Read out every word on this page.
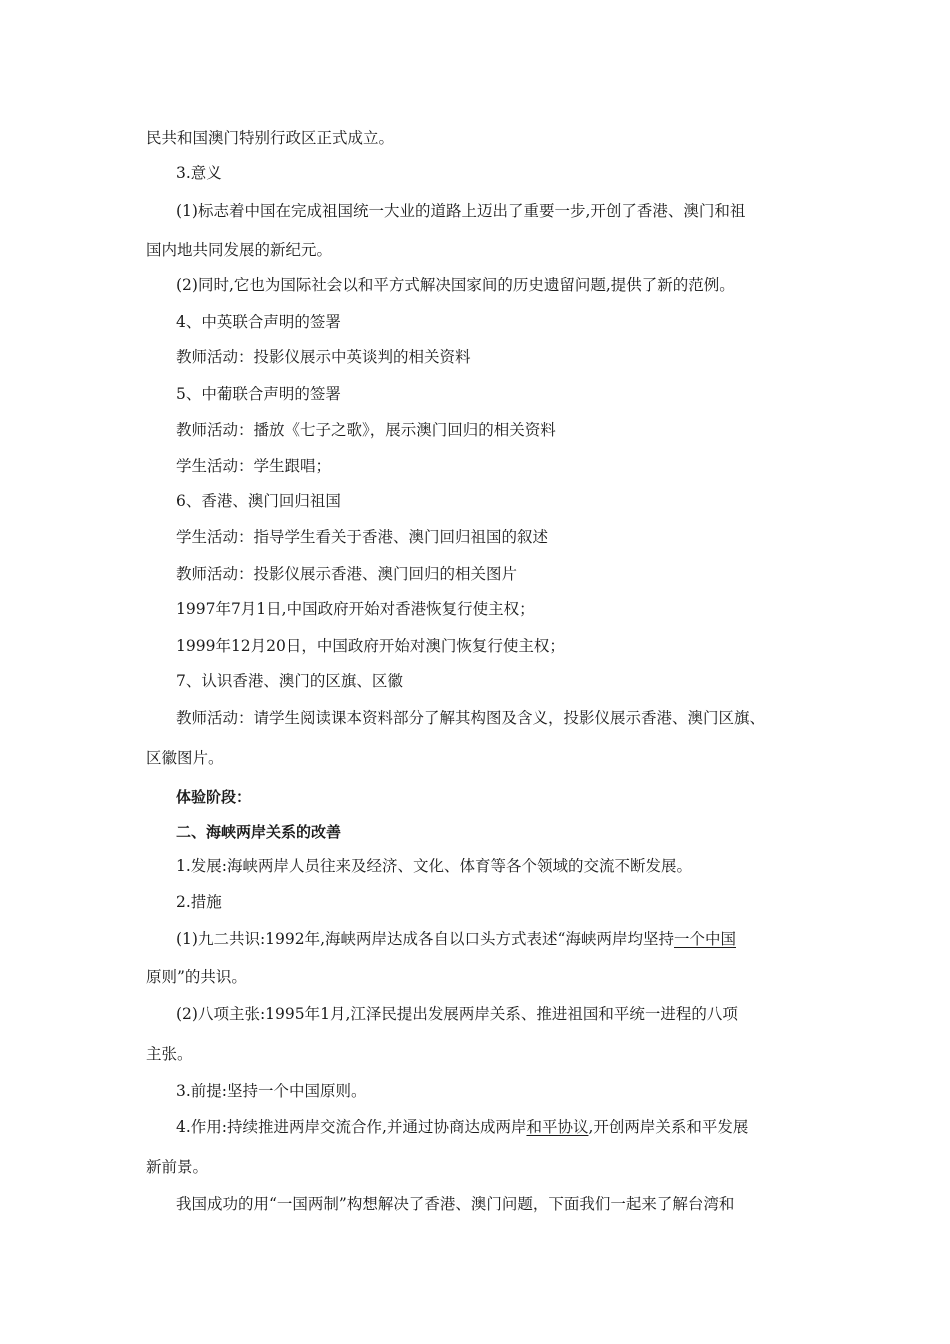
民共和国澳门特别行政区正式成立。
3.意义
(1)标志着中国在完成祖国统一大业的道路上迈出了重要一步,开创了香港、澳门和祖
国内地共同发展的新纪元。
(2)同时,它也为国际社会以和平方式解决国家间的历史遗留问题,提供了新的范例。
4、中英联合声明的签署
教师活动：投影仪展示中英谈判的相关资料
5、中葡联合声明的签署
教师活动：播放《七子之歌》，展示澳门回归的相关资料
学生活动：学生跟唱；
6、香港、澳门回归祖国
学生活动：指导学生看关于香港、澳门回归祖国的叙述
教师活动：投影仪展示香港、澳门回归的相关图片
1997年7月1日,中国政府开始对香港恢复行使主权；
1999年12月20日，中国政府开始对澳门恢复行使主权；
7、认识香港、澳门的区旗、区徽
教师活动：请学生阅读课本资料部分了解其构图及含义，投影仪展示香港、澳门区旗、
区徽图片。
体验阶段：
二、海峡两岸关系的改善
1.发展:海峡两岸人员往来及经济、文化、体育等各个领域的交流不断发展。
2.措施
(1)九二共识:1992年,海峡两岸达成各自以口头方式表述“海峡两岸均坚持一个中国
原则”的共识。
(2)八项主张:1995年1月,江泽民提出发展两岸关系、推进祖国和平统一进程的八项
主张。
3.前提:坚持一个中国原则。
4.作用:持续推进两岸交流合作,并通过协商达成两岸和平协议,开创两岸关系和平发展
新前景。
我国成功的用“一国两制”构想解决了香港、澳门问题，下面我们一起来了解台湾和
